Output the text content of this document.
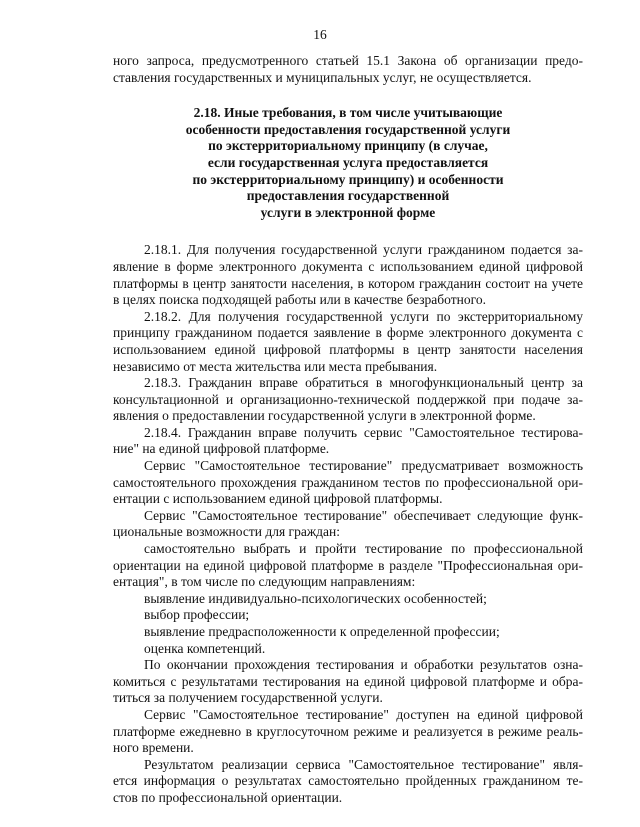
16
ного запроса, предусмотренного статьей 15.1 Закона об организации предо-
ставления государственных и муниципальных услуг, не осуществляется.
2.18. Иные требования, в том числе учитывающие
особенности предоставления государственной услуги
по экстерриториальному принципу (в случае,
если государственная услуга предоставляется
по экстерриториальному принципу) и особенности
предоставления государственной
услуги в электронной форме
2.18.1. Для получения государственной услуги гражданином подается за-
явление в форме электронного документа с использованием единой цифровой
платформы в центр занятости населения, в котором гражданин состоит на учете
в целях поиска подходящей работы или в качестве безработного.
2.18.2. Для получения государственной услуги по экстерриториальному
принципу гражданином подается заявление в форме электронного документа с
использованием единой цифровой платформы в центр занятости населения
независимо от места жительства или места пребывания.
2.18.3. Гражданин вправе обратиться в многофункциональный центр за
консультационной и организационно-технической поддержкой при подаче за-
явления о предоставлении государственной услуги в электронной форме.
2.18.4. Гражданин вправе получить сервис "Самостоятельное тестирова-
ние" на единой цифровой платформе.
Сервис "Самостоятельное тестирование" предусматривает возможность
самостоятельного прохождения гражданином тестов по профессиональной ори-
ентации с использованием единой цифровой платформы.
Сервис "Самостоятельное тестирование" обеспечивает следующие функ-
циональные возможности для граждан:
самостоятельно выбрать и пройти тестирование по профессиональной
ориентации на единой цифровой платформе в разделе "Профессиональная ори-
ентация", в том числе по следующим направлениям:
выявление индивидуально-психологических особенностей;
выбор профессии;
выявление предрасположенности к определенной профессии;
оценка компетенций.
По окончании прохождения тестирования и обработки результатов озна-
комиться с результатами тестирования на единой цифровой платформе и обра-
титься за получением государственной услуги.
Сервис "Самостоятельное тестирование" доступен на единой цифровой
платформе ежедневно в круглосуточном режиме и реализуется в режиме реаль-
ного времени.
Результатом реализации сервиса "Самостоятельное тестирование" явля-
ется информация о результатах самостоятельно пройденных гражданином те-
стов по профессиональной ориентации.
